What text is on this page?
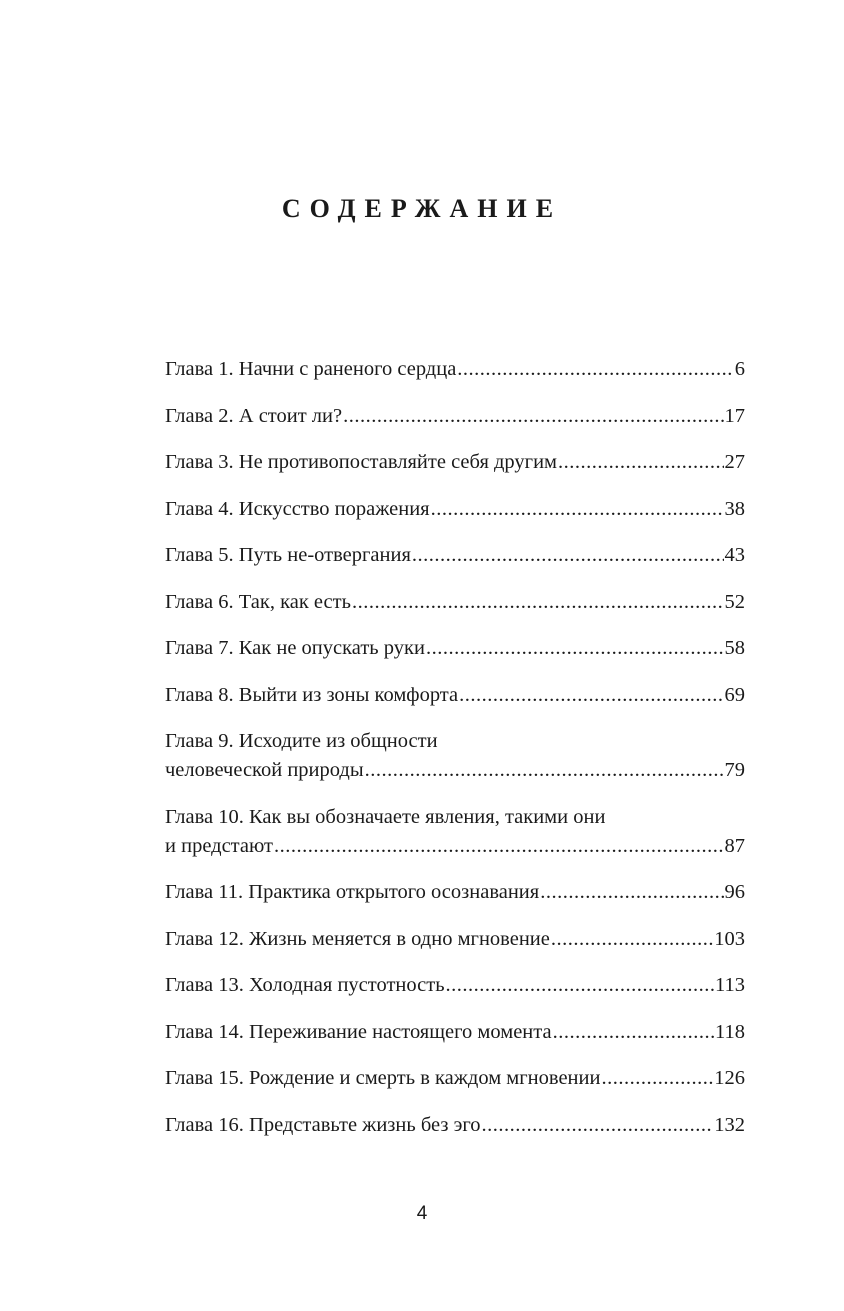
СОДЕРЖАНИЕ
Глава 1. Начни с раненого сердца .....	6
Глава 2. А стоит ли? .....	17
Глава 3. Не противопоставляйте себя другим .....	27
Глава 4. Искусство поражения .....	38
Глава 5. Путь не-отвергания .....	43
Глава 6. Так, как есть .....	52
Глава 7. Как не опускать руки .....	58
Глава 8. Выйти из зоны комфорта .....	69
Глава 9. Исходите из общности
человеческой природы .....	79
Глава 10. Как вы обозначаете явления, такими они
и предстают .....	87
Глава 11. Практика открытого осознавания .....	96
Глава 12. Жизнь меняется в одно мгновение .....	103
Глава 13. Холодная пустотность .....	113
Глава 14. Переживание настоящего момента .....	118
Глава 15. Рождение и смерть в каждом мгновении .....	126
Глава 16. Представьте жизнь без эго .....	132
4
